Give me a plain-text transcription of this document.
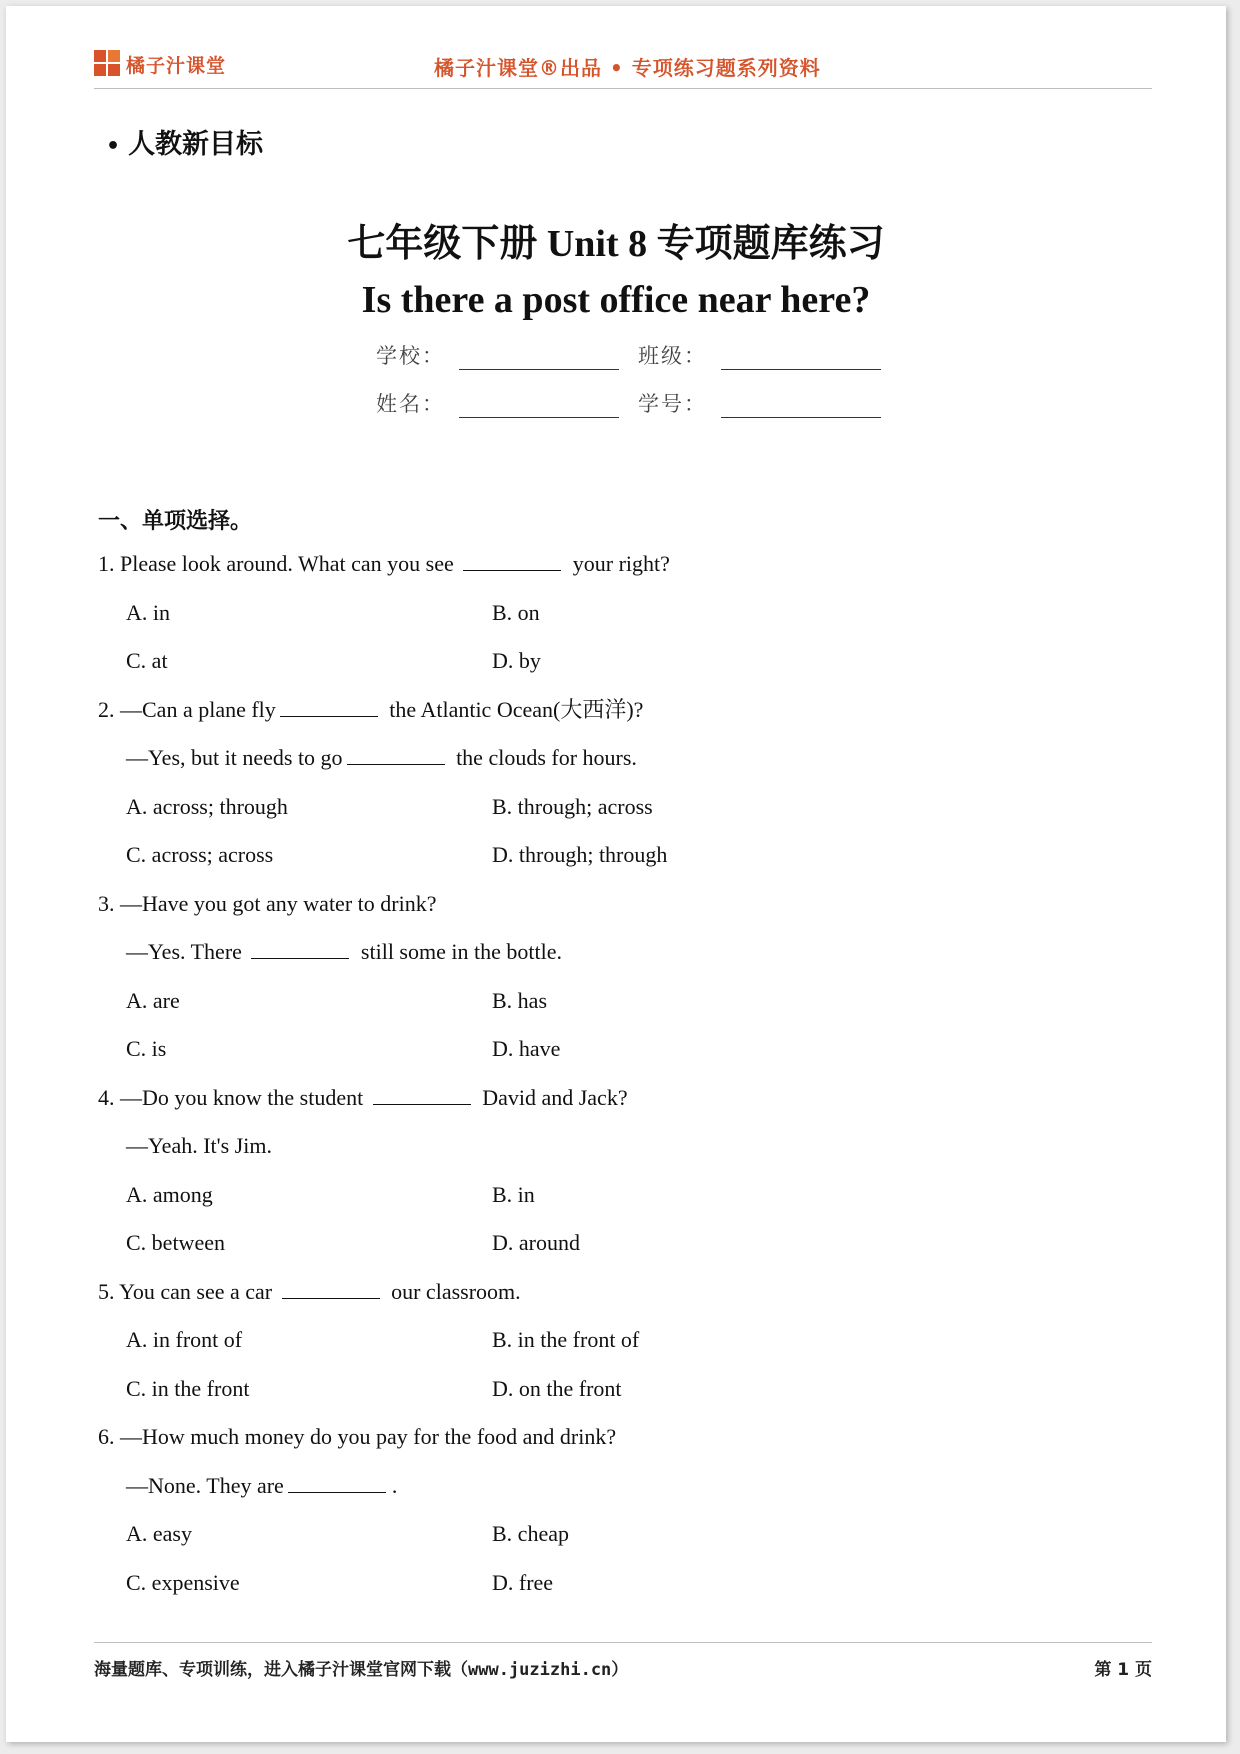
橘子汁课堂	橘子汁课堂®出品 • 专项练习题系列资料
• 人教新目标
七年级下册 Unit 8 专项题库练习
Is there a post office near here?
学校：	班级：
姓名：	学号：
一、单项选择。
1. Please look around. What can you see	your right?
A. in	B. on
C. at	D. by
2. —Can a plane fly	the Atlantic Ocean(大西洋)?
—Yes, but it needs to go	the clouds for hours.
A. across; through	B. through; across
C. across; across	D. through; through
3. —Have you got any water to drink?
—Yes. There	still some in the bottle.
A. are	B. has
C. is	D. have
4. —Do you know the student	David and Jack?
—Yeah. It's Jim.
A. among	B. in
C. between	D. around
5. You can see a car	our classroom.
A. in front of	B. in the front of
C. in the front	D. on the front
6. —How much money do you pay for the food and drink?
—None. They are	.
A. easy	B. cheap
C. expensive	D. free
海量题库、专项训练，进入橘子汁课堂官网下载（www.juzizhi.cn）	第 1 页
